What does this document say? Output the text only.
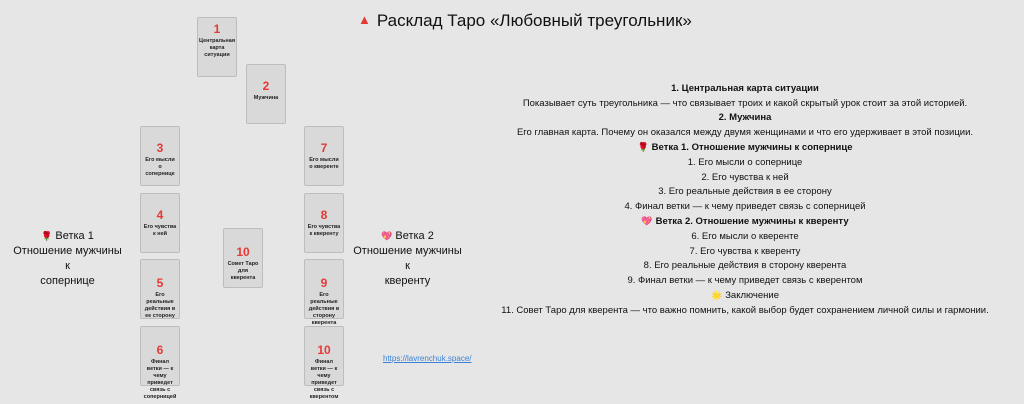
▲ Расклад Таро «Любовный треугольник»
1
Центральная карта ситуации
2
Мужчина
3
Его мысли о сопернице
4
Его чувства к ней
5
Его реальные действия в ее сторону
6
Финал ветки — к чему приведет связь с соперницей
7
Его мысли о кверенте
8
Его чувства к кверенту
9
Его реальные действия в сторону кверента
10
Финал ветки — к чему приведет связь с кверентом
10
Совет Таро для кверента
🌹 Ветка 1
Отношение мужчины
к
сопернице
💖 Ветка 2
Отношение мужчины
к
кверенту
https://lavrenchuk.space/
1. Центральная карта ситуации
Показывает суть треугольника — что связывает троих и какой скрытый урок стоит за этой историей.
2. Мужчина
Его главная карта. Почему он оказался между двумя женщинами и что его удерживает в этой позиции.
🌹 Ветка 1. Отношение мужчины к сопернице
1. Его мысли о сопернице
2. Его чувства к ней
3. Его реальные действия в ее сторону
4. Финал ветки — к чему приведет связь с соперницей
💖 Ветка 2. Отношение мужчины к кверенту
6. Его мысли о кверенте
7. Его чувства к кверенту
8. Его реальные действия в сторону кверента
9. Финал ветки — к чему приведет связь с кверентом
🌟 Заключение
11. Совет Таро для кверента — что важно помнить, какой выбор будет сохранением личной силы и гармонии.
